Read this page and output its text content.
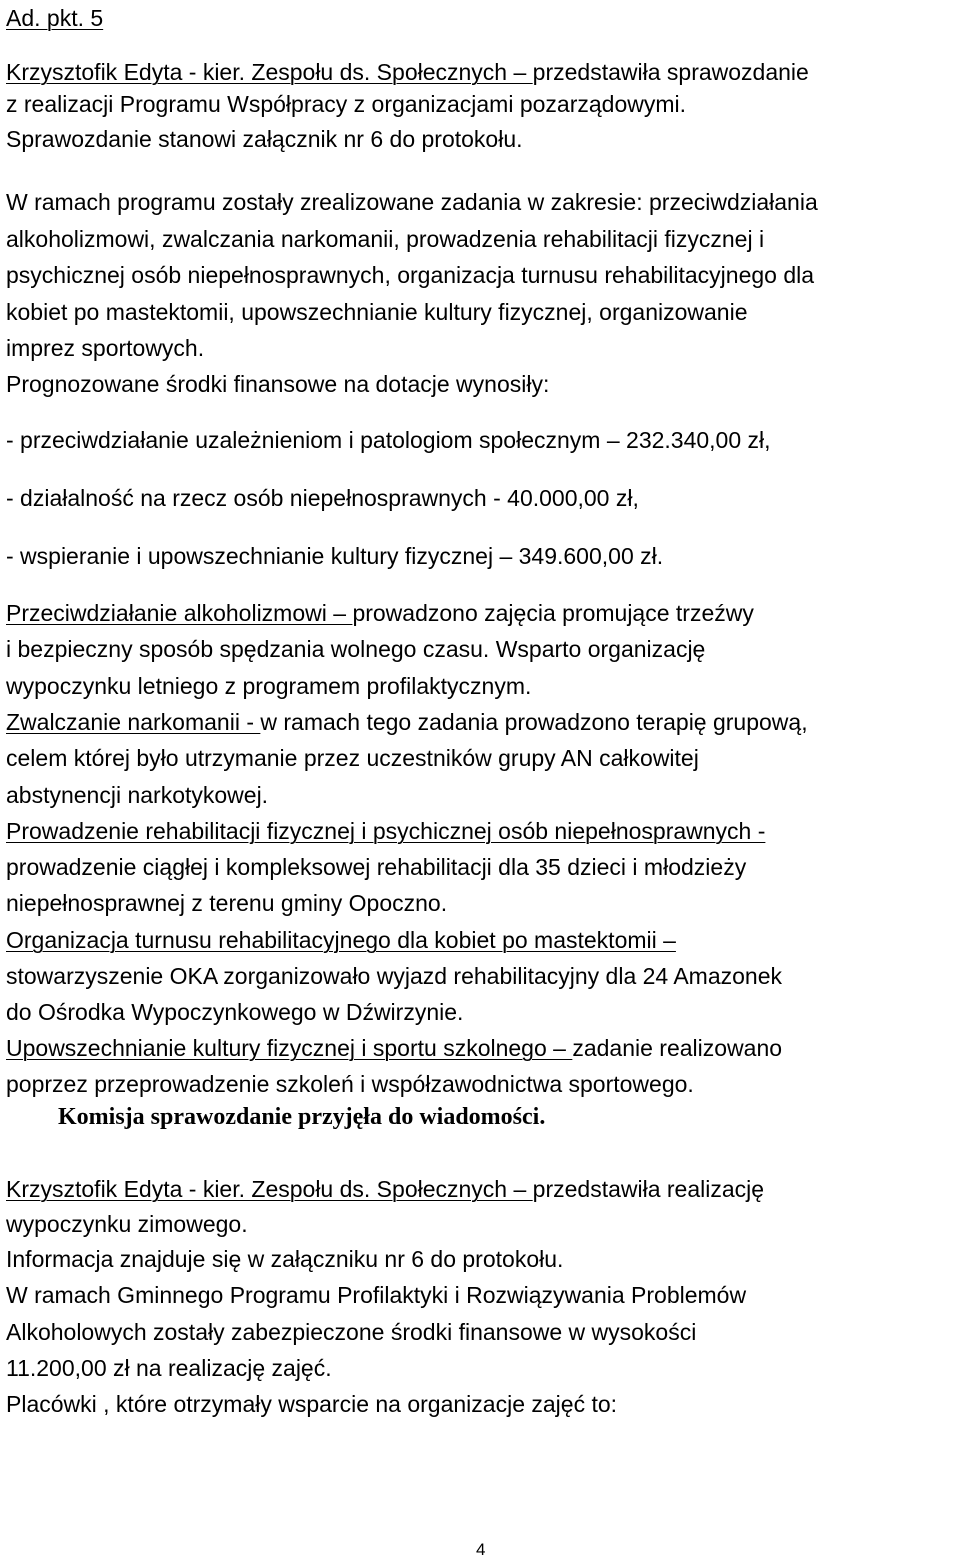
Ad. pkt. 5
Krzysztofik Edyta - kier. Zespołu ds. Społecznych – przedstawiła sprawozdanie
z realizacji Programu Współpracy z organizacjami pozarządowymi.
Sprawozdanie stanowi załącznik nr 6 do protokołu.
W ramach programu zostały zrealizowane zadania w zakresie: przeciwdziałania
alkoholizmowi, zwalczania narkomanii, prowadzenia rehabilitacji fizycznej i
psychicznej osób niepełnosprawnych, organizacja turnusu rehabilitacyjnego dla
kobiet po mastektomii, upowszechnianie kultury fizycznej, organizowanie
imprez sportowych.
Prognozowane środki finansowe na dotacje wynosiły:
- przeciwdziałanie uzależnieniom i patologiom społecznym – 232.340,00 zł,
- działalność na rzecz osób niepełnosprawnych - 40.000,00 zł,
- wspieranie i upowszechnianie kultury fizycznej – 349.600,00 zł.
Przeciwdziałanie alkoholizmowi – prowadzono zajęcia promujące trzeźwy
i bezpieczny sposób spędzania wolnego czasu. Wsparto organizację
wypoczynku letniego z programem profilaktycznym.
Zwalczanie narkomanii - w ramach tego zadania prowadzono terapię grupową,
celem której było utrzymanie przez uczestników grupy AN całkowitej
abstynencji narkotykowej.
Prowadzenie rehabilitacji fizycznej i psychicznej osób niepełnosprawnych -
prowadzenie ciągłej i kompleksowej rehabilitacji dla 35 dzieci i młodzieży
niepełnosprawnej z terenu gminy Opoczno.
Organizacja turnusu rehabilitacyjnego dla kobiet po mastektomii –
stowarzyszenie OKA zorganizowało wyjazd rehabilitacyjny dla 24 Amazonek
do Ośrodka Wypoczynkowego w Dźwirzynie.
Upowszechnianie kultury fizycznej i sportu szkolnego – zadanie realizowano
poprzez przeprowadzenie szkoleń i współzawodnictwa sportowego.
Komisja sprawozdanie przyjęła do wiadomości.
Krzysztofik Edyta - kier. Zespołu ds. Społecznych – przedstawiła realizację
wypoczynku zimowego.
Informacja znajduje się w załączniku nr 6 do protokołu.
W ramach Gminnego Programu Profilaktyki i Rozwiązywania Problemów
Alkoholowych zostały zabezpieczone środki finansowe w wysokości
11.200,00 zł na realizację zajęć.
Placówki , które otrzymały wsparcie na organizacje zajęć to:
4
